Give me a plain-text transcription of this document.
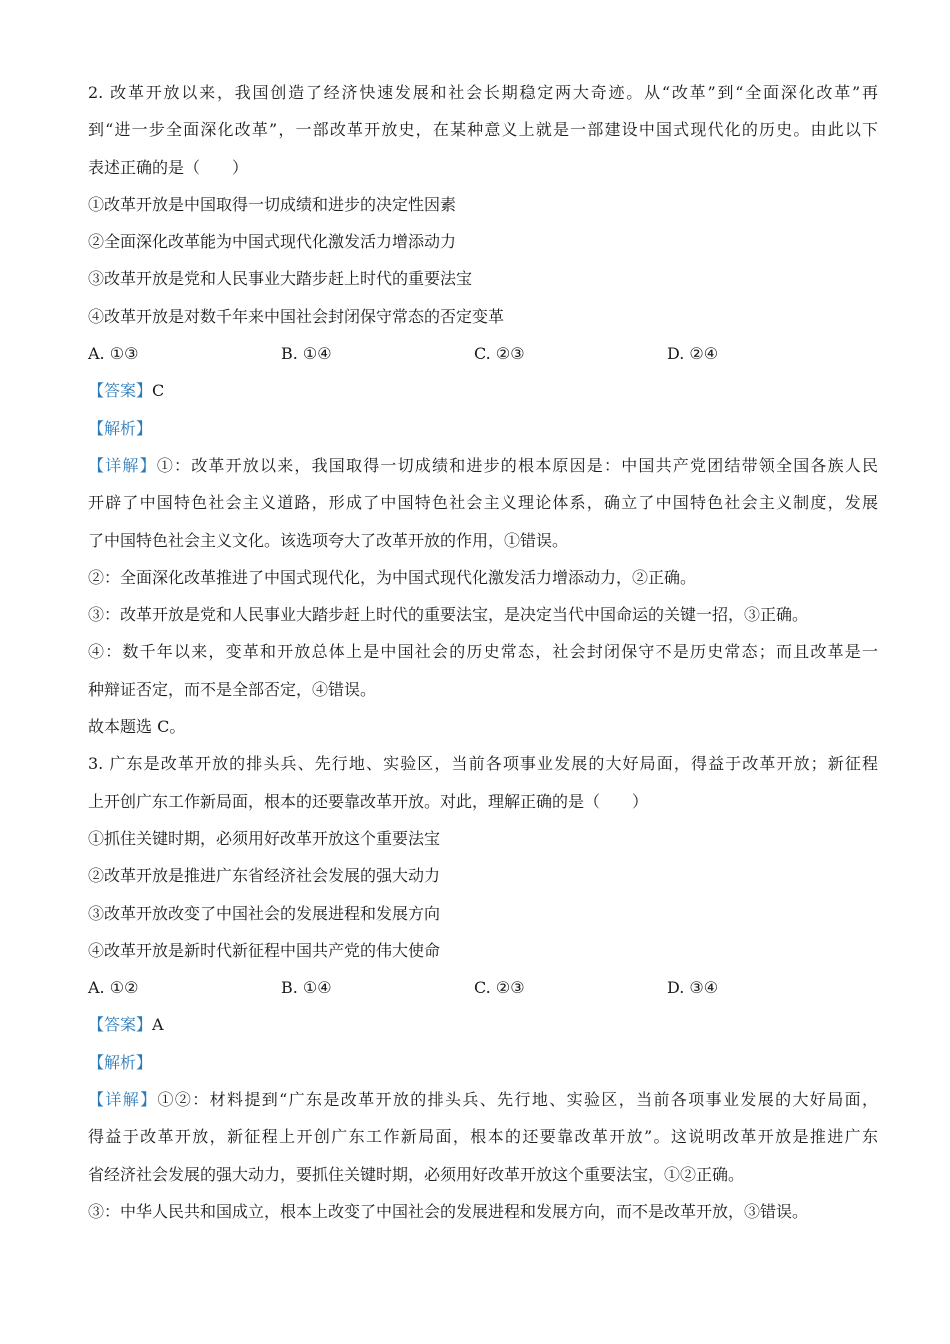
2. 改革开放以来，我国创造了经济快速发展和社会长期稳定两大奇迹。从“改革”到“全面深化改革”再
到“进一步全面深化改革”，一部改革开放史，在某种意义上就是一部建设中国式现代化的历史。由此以下
表述正确的是（　　）
①改革开放是中国取得一切成绩和进步的决定性因素
②全面深化改革能为中国式现代化激发活力增添动力
③改革开放是党和人民事业大踏步赶上时代的重要法宝
④改革开放是对数千年来中国社会封闭保守常态的否定变革
A. ①③	B. ①④	C. ②③	D. ②④
【答案】C
【解析】
【详解】①：改革开放以来，我国取得一切成绩和进步的根本原因是：中国共产党团结带领全国各族人民
开辟了中国特色社会主义道路，形成了中国特色社会主义理论体系，确立了中国特色社会主义制度，发展
了中国特色社会主义文化。该选项夸大了改革开放的作用，①错误。
②：全面深化改革推进了中国式现代化，为中国式现代化激发活力增添动力，②正确。
③：改革开放是党和人民事业大踏步赶上时代的重要法宝，是决定当代中国命运的关键一招，③正确。
④：数千年以来，变革和开放总体上是中国社会的历史常态，社会封闭保守不是历史常态；而且改革是一
种辩证否定，而不是全部否定，④错误。
故本题选 C。
3. 广东是改革开放的排头兵、先行地、实验区，当前各项事业发展的大好局面，得益于改革开放；新征程
上开创广东工作新局面，根本的还要靠改革开放。对此，理解正确的是（　　）
①抓住关键时期，必须用好改革开放这个重要法宝
②改革开放是推进广东省经济社会发展的强大动力
③改革开放改变了中国社会的发展进程和发展方向
④改革开放是新时代新征程中国共产党的伟大使命
A. ①②	B. ①④	C. ②③	D. ③④
【答案】A
【解析】
【详解】①②：材料提到“广东是改革开放的排头兵、先行地、实验区，当前各项事业发展的大好局面，
得益于改革开放，新征程上开创广东工作新局面，根本的还要靠改革开放”。这说明改革开放是推进广东
省经济社会发展的强大动力，要抓住关键时期，必须用好改革开放这个重要法宝，①②正确。
③：中华人民共和国成立，根本上改变了中国社会的发展进程和发展方向，而不是改革开放，③错误。
